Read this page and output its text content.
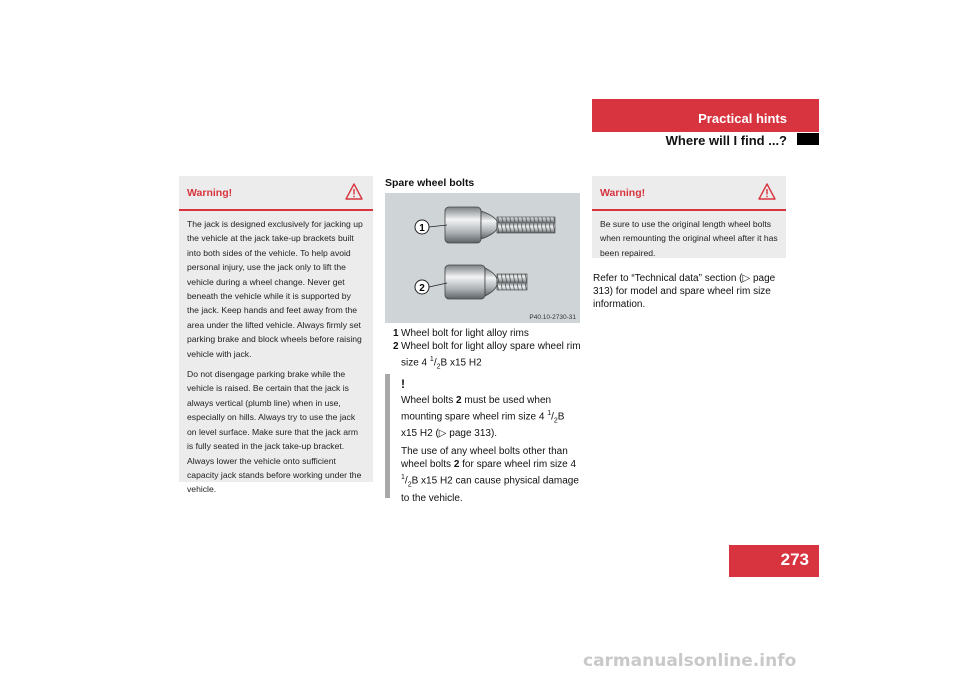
Practical hints
Where will I find ...?
Warning!

The jack is designed exclusively for jacking up the vehicle at the jack take-up brackets built into both sides of the vehicle. To help avoid personal injury, use the jack only to lift the vehicle during a wheel change. Never get beneath the vehicle while it is supported by the jack. Keep hands and feet away from the area under the lifted vehicle. Always firmly set parking brake and block wheels before raising vehicle with jack.

Do not disengage parking brake while the vehicle is raised. Be certain that the jack is always vertical (plumb line) when in use, especially on hills. Always try to use the jack on level surface. Make sure that the jack arm is fully seated in the jack take-up bracket. Always lower the vehicle onto sufficient capacity jack stands before working under the vehicle.

Spare wheel bolts
1
2
P40.10-2730-31
1 Wheel bolt for light alloy rims
2 Wheel bolt for light alloy spare wheel rim size 4 $^1/_2B$ x15 H2
!

Wheel bolts 2 must be used when mounting spare wheel rim size 4 $^1/_2B$ x15 H2 (▷ page 313).

The use of any wheel bolts other than wheel bolts 2 for spare wheel rim size 4 $^1/_2B$ x15 H2 can cause physical damage to the vehicle.

Warning!
Be sure to use the original length wheel bolts when remounting the original wheel after it has been repaired.
Refer to “Technical data” section (▷ page 313) for model and spare wheel rim size information.
273
carmanualsonline.info
